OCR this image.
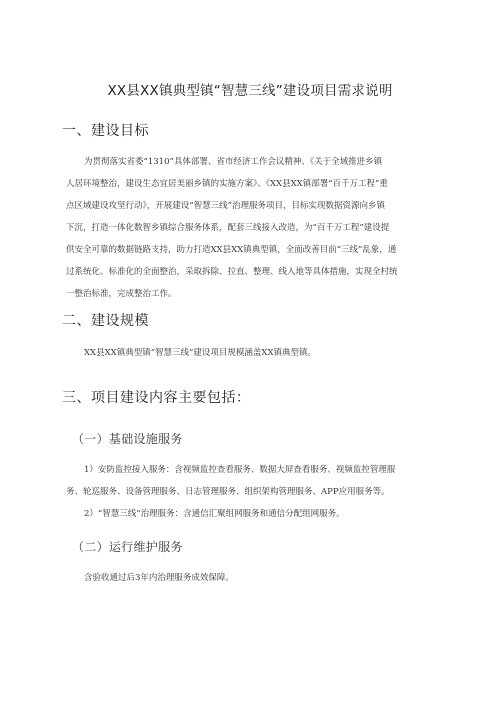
XX县XX镇典型镇“智慧三线”建设项目需求说明
一、建设目标
为贯彻落实省委“1310”具体部署、省市经济工作会议精神、《关于全域推进乡镇
人居环境整治，建设生态宜居美丽乡镇的实施方案》、《XX县XX镇部署“百千万工程”重
点区域建设攻坚行动》，开展建设“智慧三线”治理服务项目，目标实现数据资源向乡镇
下沉，打造一体化数智乡镇综合服务体系，配套三线接入改造，为“百千万工程”建设提
供安全可靠的数据链路支持，助力打造XX县XX镇典型镇，全面改善目前“三线”乱象，通
过系统化、标准化的全面整治，采取拆除、拉直、整理、线入地等具体措施，实现全村统
一整治标准，完成整治工作。
二、建设规模
XX县XX镇典型镇“智慧三线”建设项目规模涵盖XX镇典型镇。
三、项目建设内容主要包括：
（一）基础设施服务
1）安防监控接入服务：含视频监控查看服务、数据大屏查看服务、视频监控管理服
务、轮巡服务、设备管理服务、日志管理服务、组织架构管理服务、APP应用服务等。
2）“智慧三线”治理服务：含通信汇聚组网服务和通信分配组网服务。
（二）运行维护服务
含验收通过后3年内治理服务成效保障。
